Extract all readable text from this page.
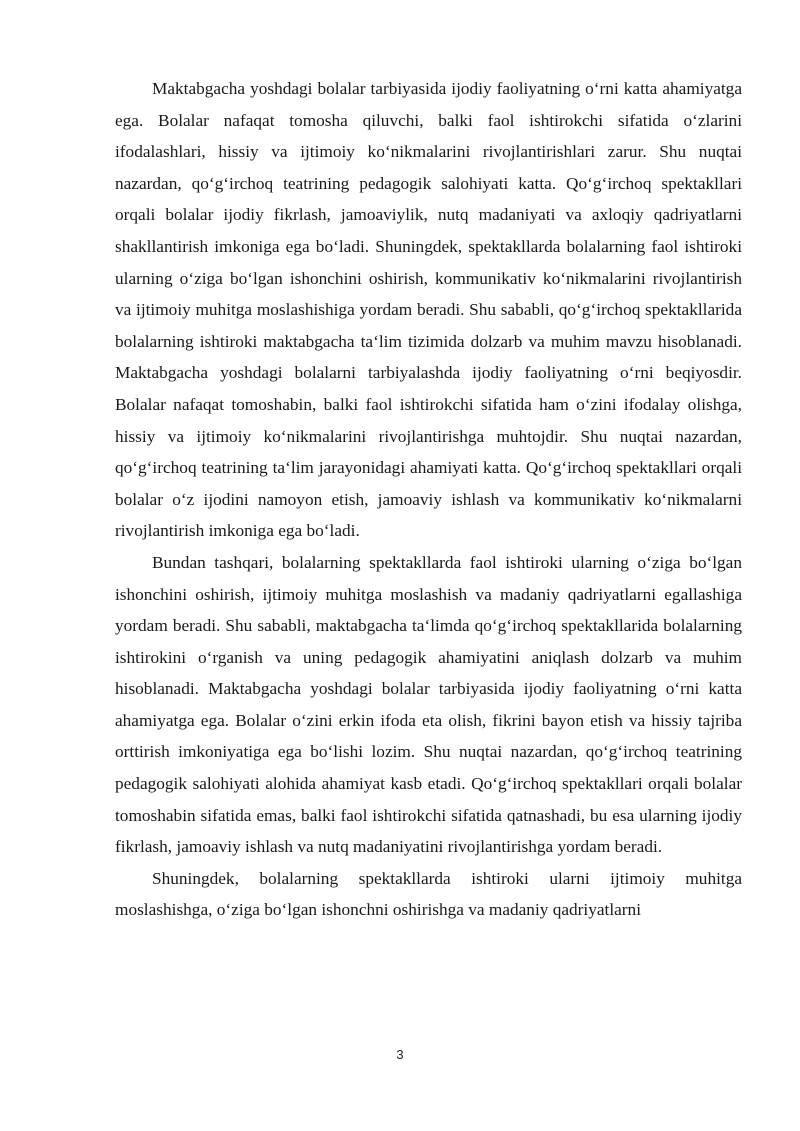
Maktabgacha yoshdagi bolalar tarbiyasida ijodiy faoliyatning o‘rni katta ahamiyatga ega. Bolalar nafaqat tomosha qiluvchi, balki faol ishtirokchi sifatida o‘zlarini ifodalashlari, hissiy va ijtimoiy ko‘nikmalarini rivojlantirishlari zarur. Shu nuqtai nazardan, qo‘g‘irchoq teatrining pedagogik salohiyati katta. Qo‘g‘irchoq spektakllari orqali bolalar ijodiy fikrlash, jamoaviylik, nutq madaniyati va axloqiy qadriyatlarni shakllantirish imkoniga ega bo‘ladi. Shuningdek, spektakllarda bolalarning faol ishtiroki ularning o‘ziga bo‘lgan ishonchini oshirish, kommunikativ ko‘nikmalarini rivojlantirish va ijtimoiy muhitga moslashishiga yordam beradi. Shu sababli, qo‘g‘irchoq spektakllarida bolalarning ishtiroki maktabgacha ta‘lim tizimida dolzarb va muhim mavzu hisoblanadi. Maktabgacha yoshdagi bolalarni tarbiyalashda ijodiy faoliyatning o‘rni beqiyosdir. Bolalar nafaqat tomoshabin, balki faol ishtirokchi sifatida ham o‘zini ifodalay olishga, hissiy va ijtimoiy ko‘nikmalarini rivojlantirishga muhtojdir. Shu nuqtai nazardan, qo‘g‘irchoq teatrining ta‘lim jarayonidagi ahamiyati katta. Qo‘g‘irchoq spektakllari orqali bolalar o‘z ijodini namoyon etish, jamoaviy ishlash va kommunikativ ko‘nikmalarni rivojlantirish imkoniga ega bo‘ladi.

Bundan tashqari, bolalarning spektakllarda faol ishtiroki ularning o‘ziga bo‘lgan ishonchini oshirish, ijtimoiy muhitga moslashish va madaniy qadriyatlarni egallashiga yordam beradi. Shu sababli, maktabgacha ta‘limda qo‘g‘irchoq spektakllarida bolalarning ishtirokini o‘rganish va uning pedagogik ahamiyatini aniqlash dolzarb va muhim hisoblanadi. Maktabgacha yoshdagi bolalar tarbiyasida ijodiy faoliyatning o‘rni katta ahamiyatga ega. Bolalar o‘zini erkin ifoda eta olish, fikrini bayon etish va hissiy tajriba orttirish imkoniyatiga ega bo‘lishi lozim. Shu nuqtai nazardan, qo‘g‘irchoq teatrining pedagogik salohiyati alohida ahamiyat kasb etadi. Qo‘g‘irchoq spektakllari orqali bolalar tomoshabin sifatida emas, balki faol ishtirokchi sifatida qatnashadi, bu esa ularning ijodiy fikrlash, jamoaviy ishlash va nutq madaniyatini rivojlantirishga yordam beradi.

Shuningdek, bolalarning spektakllarda ishtiroki ularni ijtimoiy muhitga moslashishga, o‘ziga bo‘lgan ishonchni oshirishga va madaniy qadriyatlarni

3
